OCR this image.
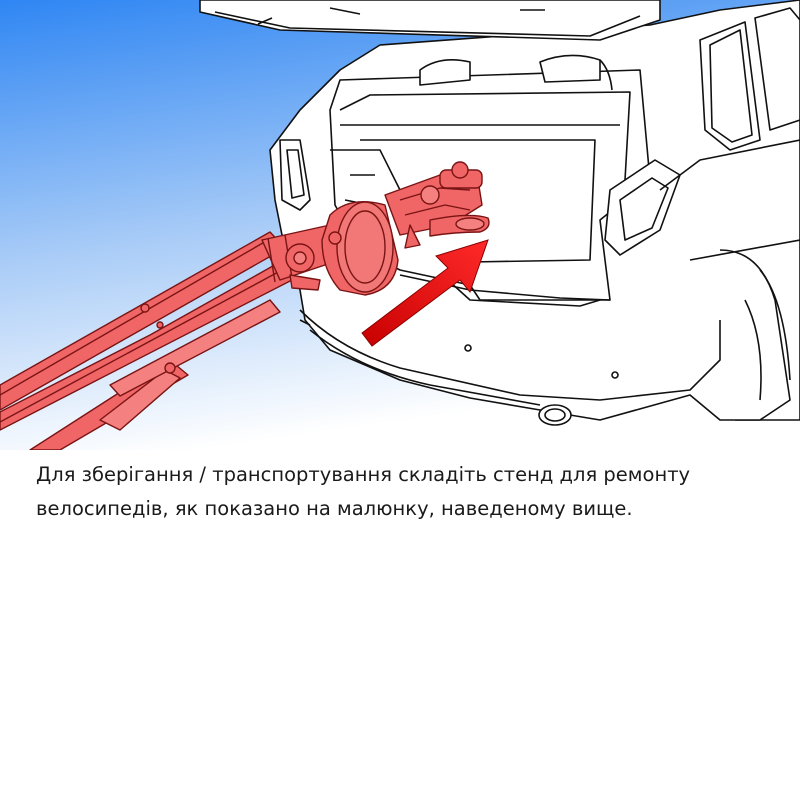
Для зберігання / транспортування складіть стенд для ремонту
велосипедів, як показано на малюнку, наведеному вище.
